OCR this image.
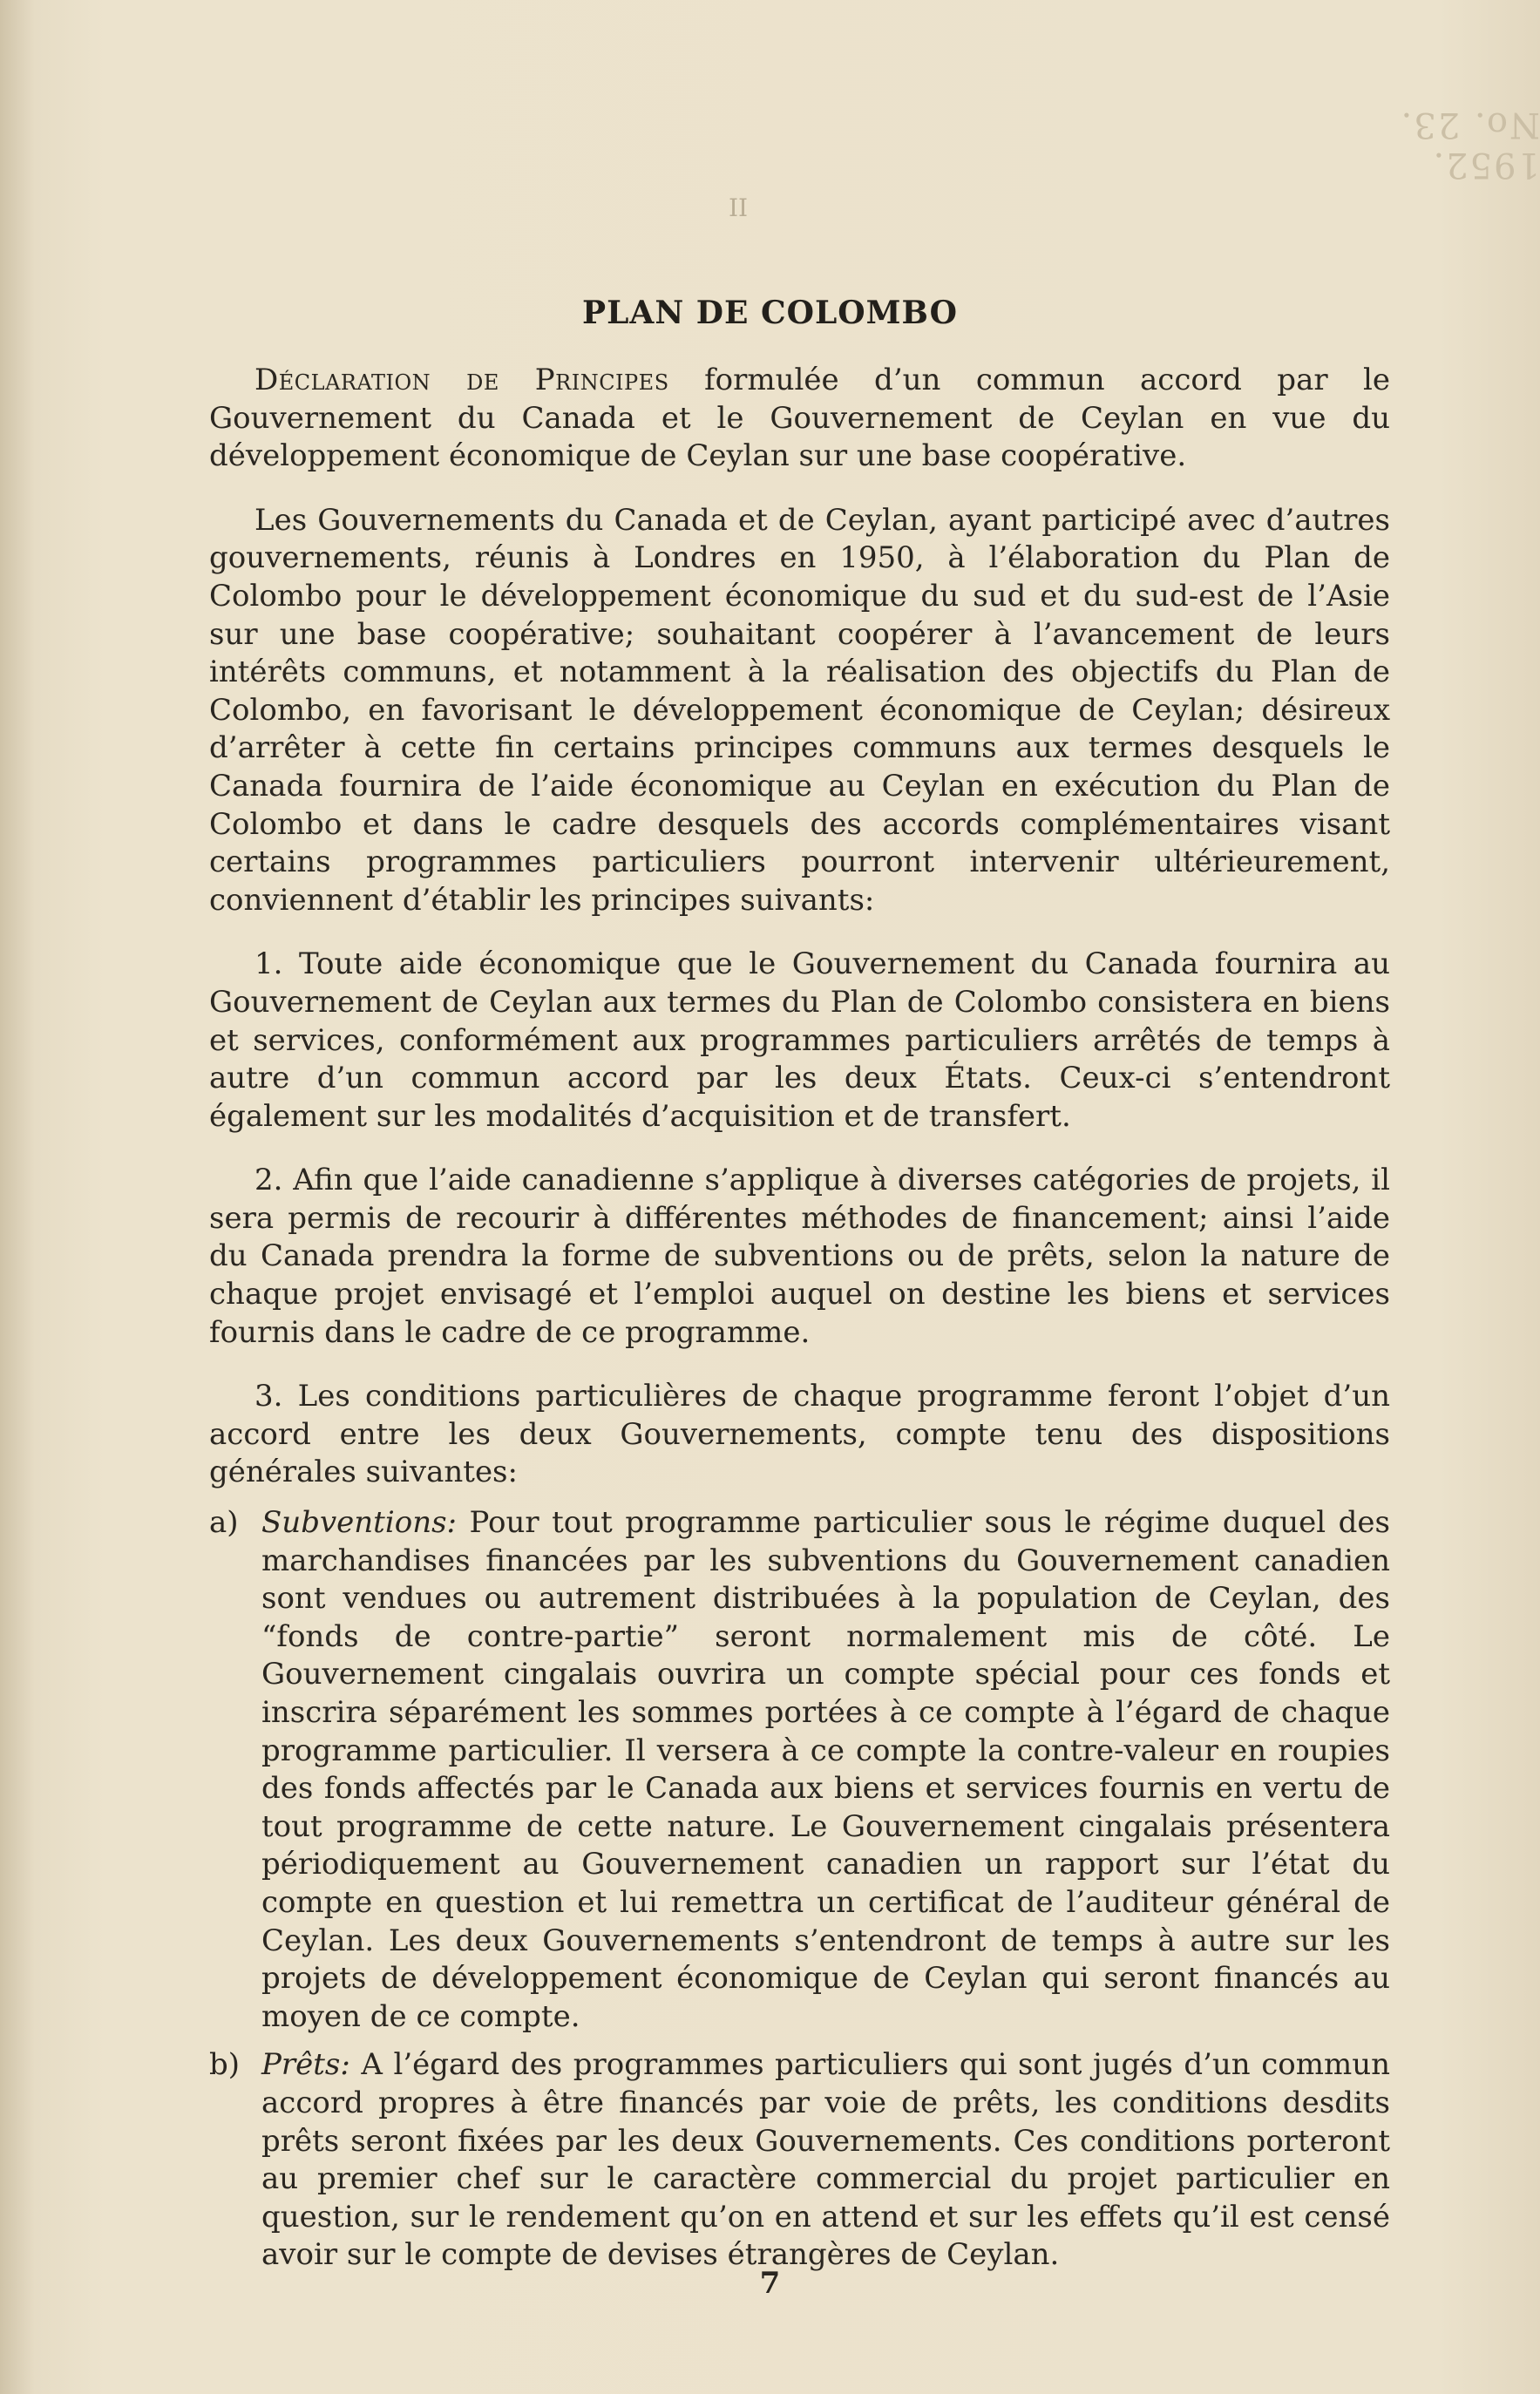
1952. No. 23.
II
PLAN DE COLOMBO

Déclaration de Principes formulée d’un commun accord par le Gouvernement du Canada et le Gouvernement de Ceylan en vue du développement économique de Ceylan sur une base coopérative.

Les Gouvernements du Canada et de Ceylan, ayant participé avec d’autres gouvernements, réunis à Londres en 1950, à l’élaboration du Plan de Colombo pour le développement économique du sud et du sud-est de l’Asie sur une base coopérative; souhaitant coopérer à l’avancement de leurs intérêts communs, et notamment à la réalisation des objectifs du Plan de Colombo, en favorisant le développement économique de Ceylan; désireux d’arrêter à cette fin certains principes communs aux termes desquels le Canada fournira de l’aide économique au Ceylan en exécution du Plan de Colombo et dans le cadre desquels des accords complémentaires visant certains programmes particuliers pourront intervenir ultérieurement, conviennent d’établir les principes suivants:

1. Toute aide économique que le Gouvernement du Canada fournira au Gouvernement de Ceylan aux termes du Plan de Colombo consistera en biens et services, conformément aux programmes particuliers arrêtés de temps à autre d’un commun accord par les deux États. Ceux-ci s’entendront également sur les modalités d’acquisition et de transfert.

2. Afin que l’aide canadienne s’applique à diverses catégories de projets, il sera permis de recourir à différentes méthodes de financement; ainsi l’aide du Canada prendra la forme de subventions ou de prêts, selon la nature de chaque projet envisagé et l’emploi auquel on destine les biens et services fournis dans le cadre de ce programme.

3. Les conditions particulières de chaque programme feront l’objet d’un accord entre les deux Gouvernements, compte tenu des dispositions générales suivantes:

a) Subventions: Pour tout programme particulier sous le régime duquel des marchandises financées par les subventions du Gouvernement canadien sont vendues ou autrement distribuées à la population de Ceylan, des “fonds de contre-partie” seront normalement mis de côté. Le Gouvernement cingalais ouvrira un compte spécial pour ces fonds et inscrira séparément les sommes portées à ce compte à l’égard de chaque programme particulier. Il versera à ce compte la contre-valeur en roupies des fonds affectés par le Canada aux biens et services fournis en vertu de tout programme de cette nature. Le Gouvernement cingalais présentera périodiquement au Gouvernement canadien un rapport sur l’état du compte en question et lui remettra un certificat de l’auditeur général de Ceylan. Les deux Gouvernements s’entendront de temps à autre sur les projets de développement économique de Ceylan qui seront financés au moyen de ce compte.

b) Prêts: A l’égard des programmes particuliers qui sont jugés d’un commun accord propres à être financés par voie de prêts, les conditions desdits prêts seront fixées par les deux Gouvernements. Ces conditions porteront au premier chef sur le caractère commercial du projet particulier en question, sur le rendement qu’on en attend et sur les effets qu’il est censé avoir sur le compte de devises étrangères de Ceylan.

7
